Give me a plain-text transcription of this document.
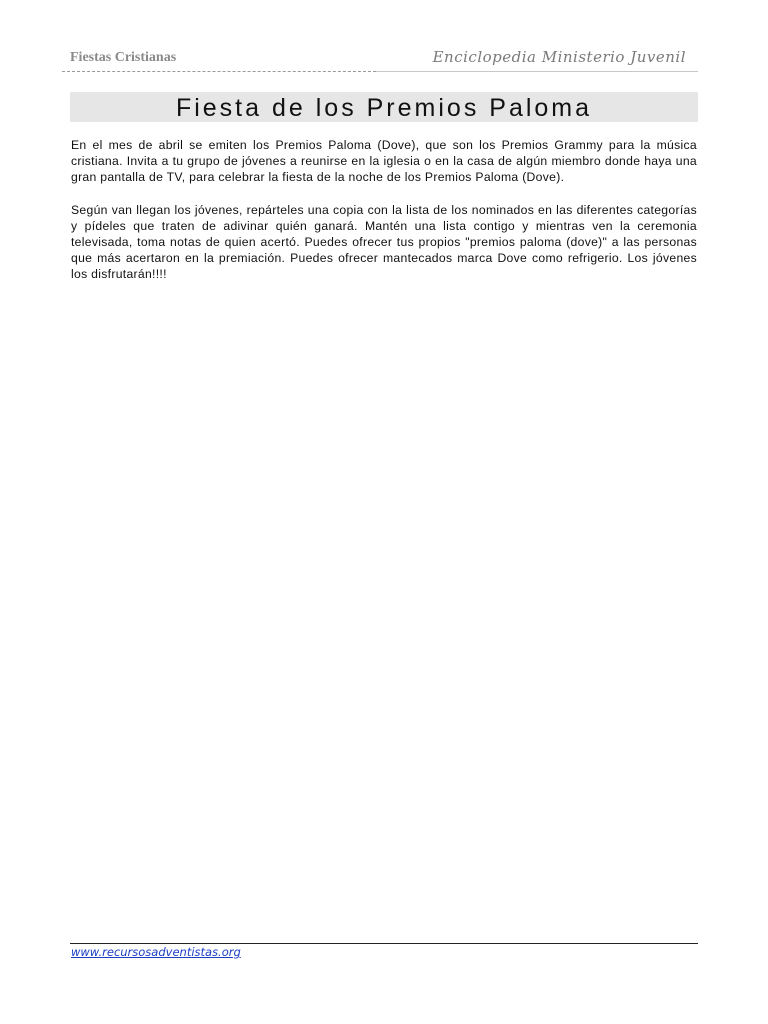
Fiestas Cristianas	Enciclopedia Ministerio Juvenil
Fiesta de los Premios Paloma

En el mes de abril se emiten los Premios Paloma (Dove), que son los Premios Grammy para la música cristiana. Invita a tu grupo de jóvenes a reunirse en la iglesia o en la casa de algún miembro donde haya una gran pantalla de TV, para celebrar la fiesta de la noche de los Premios Paloma (Dove).

Según van llegan los jóvenes, repárteles una copia con la lista de los nominados en las diferentes categorías y pídeles que traten de adivinar quién ganará. Mantén una lista contigo y mientras ven la ceremonia televisada, toma notas de quien acertó. Puedes ofrecer tus propios "premios paloma (dove)" a las personas que más acertaron en la premiación. Puedes ofrecer mantecados marca Dove como refrigerio. Los jóvenes los disfrutarán!!!!

www.recursosadventistas.org
